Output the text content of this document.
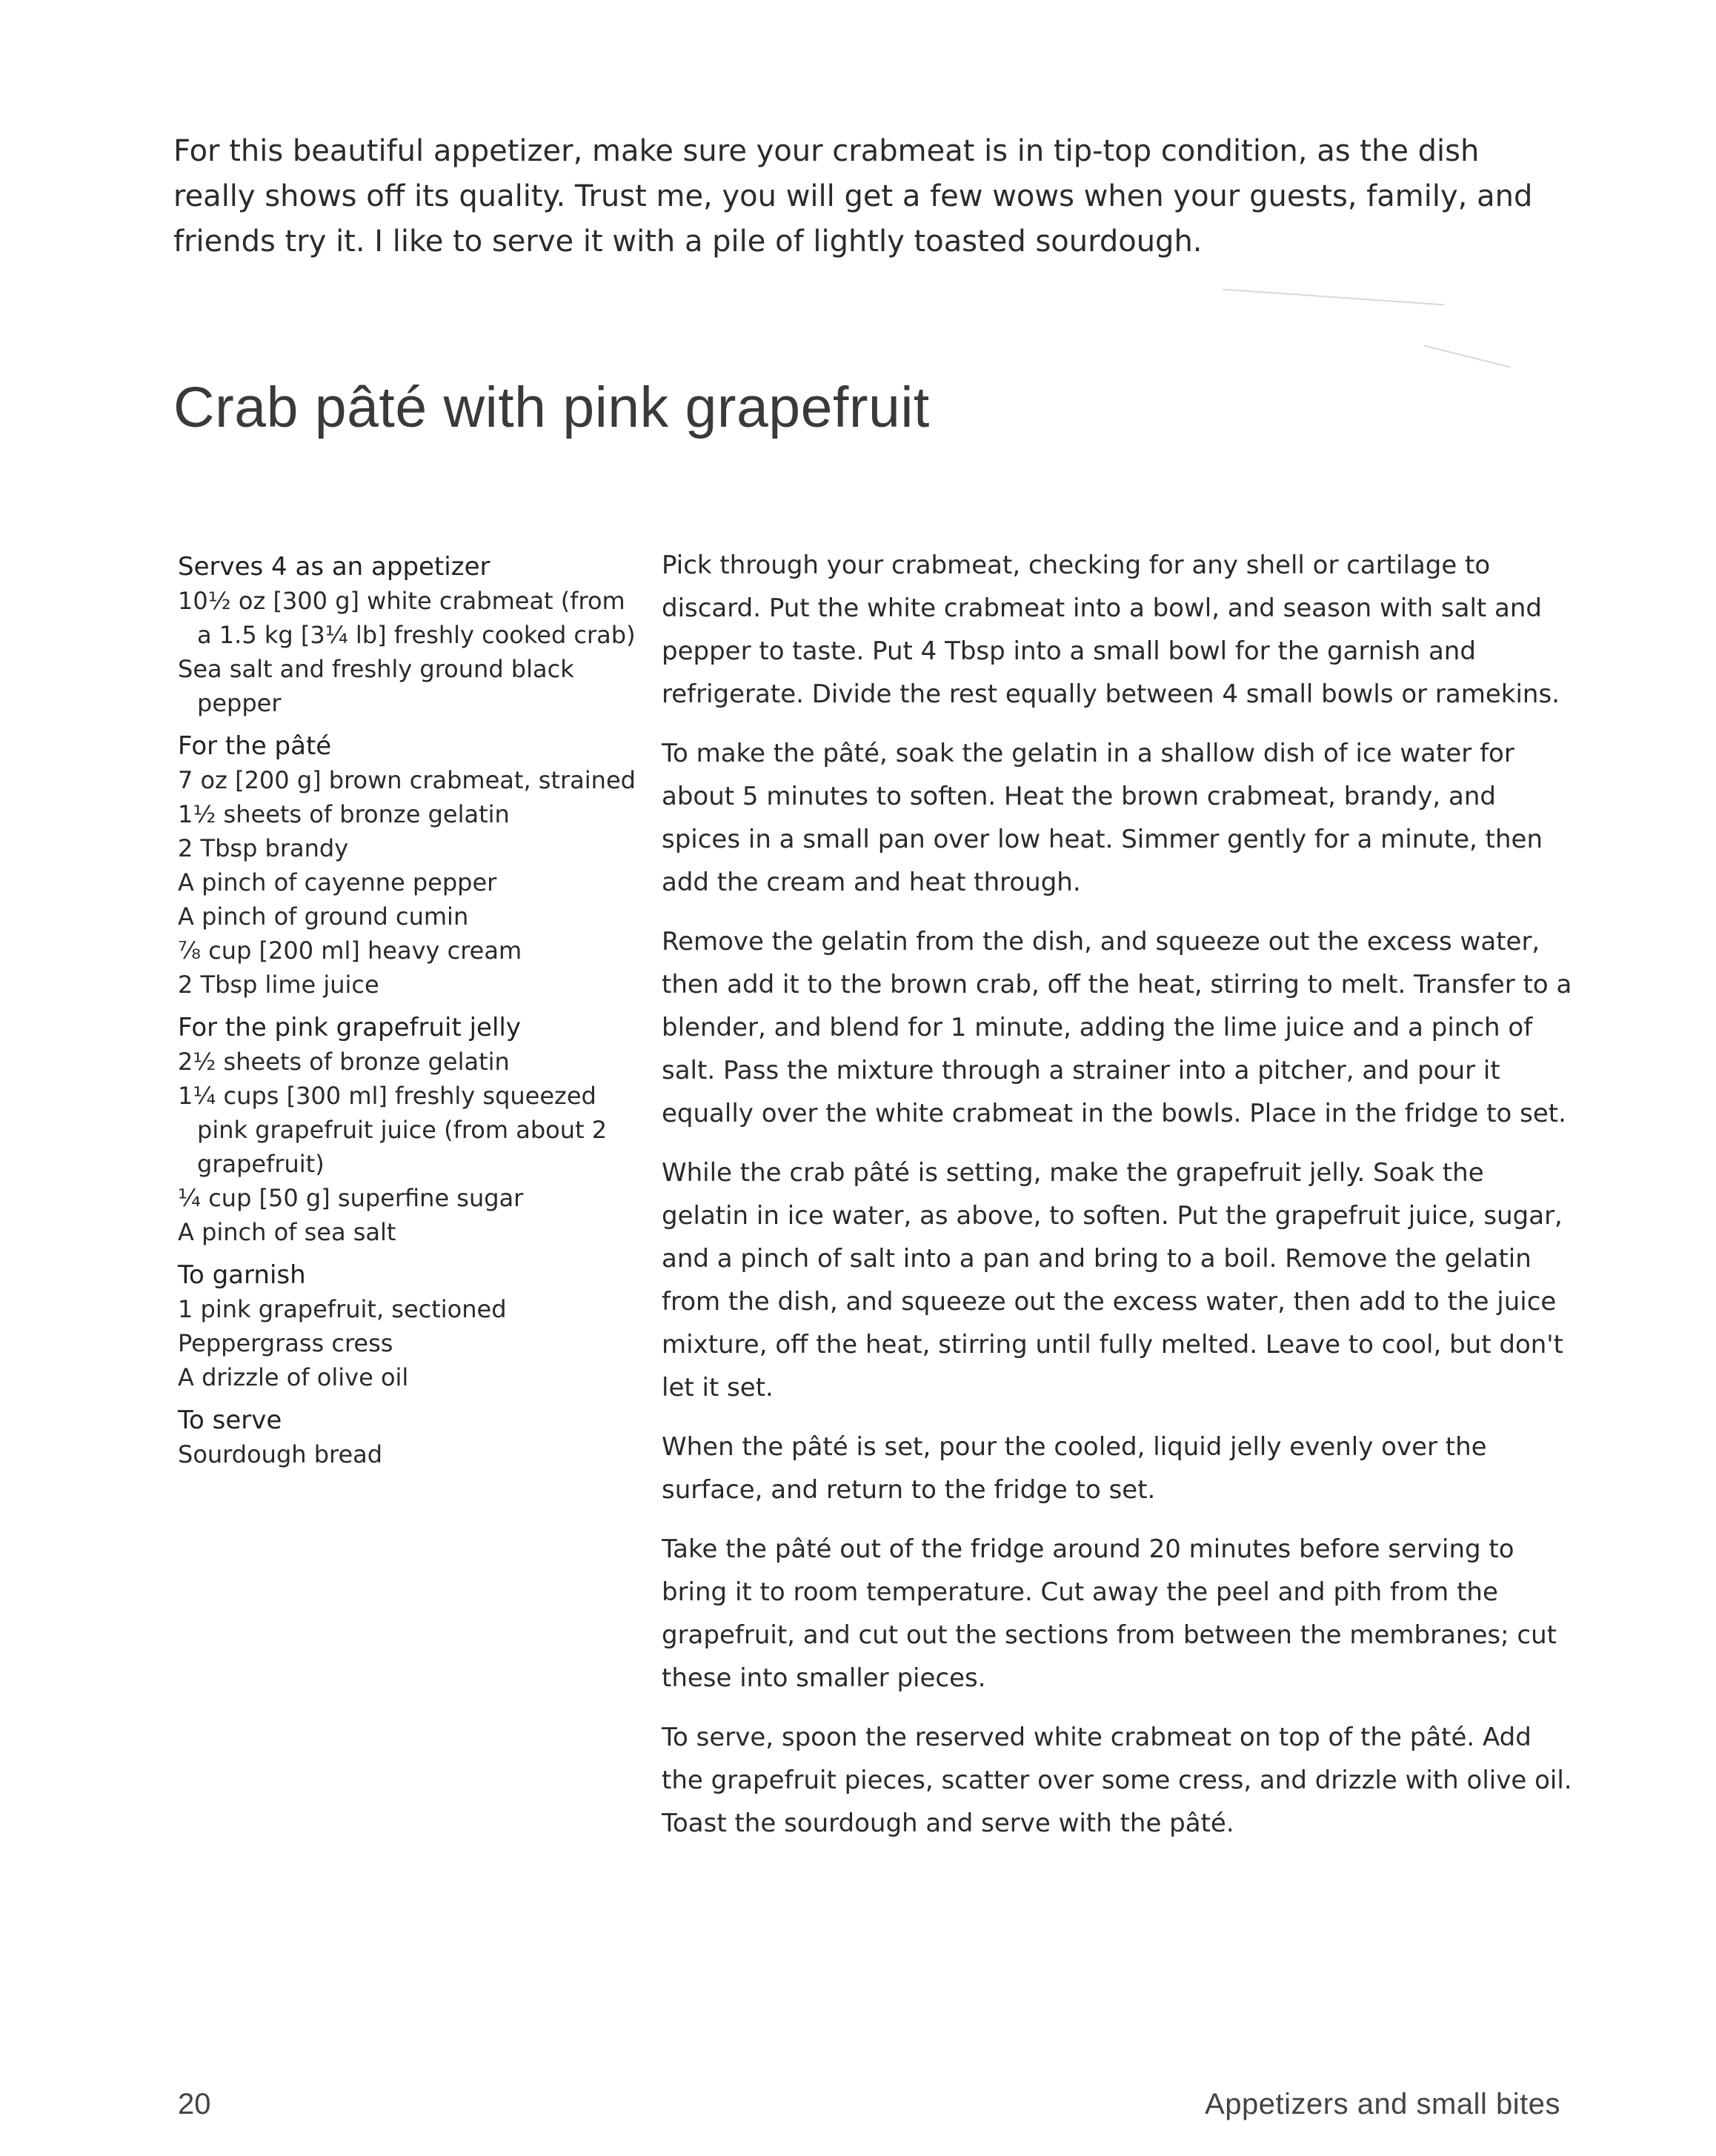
For this beautiful appetizer, make sure your crabmeat is in tip-top condition, as the dish really shows off its quality. Trust me, you will get a few wows when your guests, family, and friends try it. I like to serve it with a pile of lightly toasted sourdough.

Crab pâté with pink grapefruit

Serves 4 as an appetizer

10½ oz [300 g] white crabmeat (from a 1.5 kg [3¼ lb] freshly cooked crab)

Sea salt and freshly ground black pepper

For the pâté

7 oz [200 g] brown crabmeat, strained

1½ sheets of bronze gelatin

2 Tbsp brandy

A pinch of cayenne pepper

A pinch of ground cumin

⅞ cup [200 ml] heavy cream

2 Tbsp lime juice

For the pink grapefruit jelly

2½ sheets of bronze gelatin

1¼ cups [300 ml] freshly squeezed pink grapefruit juice (from about 2 grapefruit)

¼ cup [50 g] superfine sugar

A pinch of sea salt

To garnish

1 pink grapefruit, sectioned

Peppergrass cress

A drizzle of olive oil

To serve

Sourdough bread

Pick through your crabmeat, checking for any shell or cartilage to discard. Put the white crabmeat into a bowl, and season with salt and pepper to taste. Put 4 Tbsp into a small bowl for the garnish and refrigerate. Divide the rest equally between 4 small bowls or ramekins.

To make the pâté, soak the gelatin in a shallow dish of ice water for about 5 minutes to soften. Heat the brown crabmeat, brandy, and spices in a small pan over low heat. Simmer gently for a minute, then add the cream and heat through.

Remove the gelatin from the dish, and squeeze out the excess water, then add it to the brown crab, off the heat, stirring to melt. Transfer to a blender, and blend for 1 minute, adding the lime juice and a pinch of salt. Pass the mixture through a strainer into a pitcher, and pour it equally over the white crabmeat in the bowls. Place in the fridge to set.

While the crab pâté is setting, make the grapefruit jelly. Soak the gelatin in ice water, as above, to soften. Put the grapefruit juice, sugar, and a pinch of salt into a pan and bring to a boil. Remove the gelatin from the dish, and squeeze out the excess water, then add to the juice mixture, off the heat, stirring until fully melted. Leave to cool, but don't let it set.

When the pâté is set, pour the cooled, liquid jelly evenly over the surface, and return to the fridge to set.

Take the pâté out of the fridge around 20 minutes before serving to bring it to room temperature. Cut away the peel and pith from the grapefruit, and cut out the sections from between the membranes; cut these into smaller pieces.

To serve, spoon the reserved white crabmeat on top of the pâté. Add the grapefruit pieces, scatter over some cress, and drizzle with olive oil. Toast the sourdough and serve with the pâté.

20	Appetizers and small bites
